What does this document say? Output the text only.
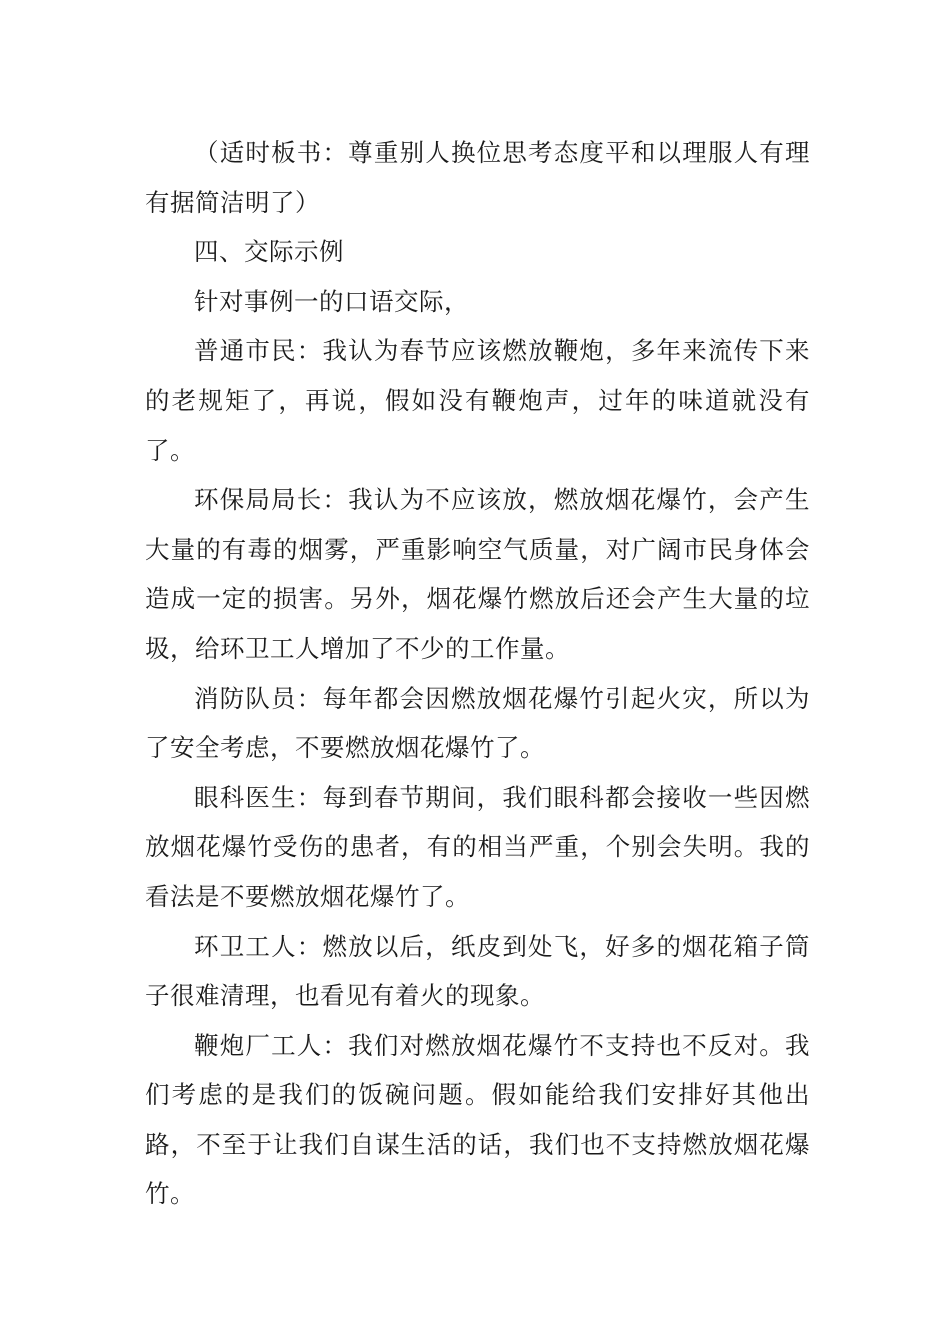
（适时板书：尊重别人换位思考态度平和以理服人有理有据简洁明了）

四、交际示例

针对事例一的口语交际，

普通市民：我认为春节应该燃放鞭炮，多年来流传下来的老规矩了，再说，假如没有鞭炮声，过年的味道就没有了。

环保局局长：我认为不应该放，燃放烟花爆竹，会产生大量的有毒的烟雾，严重影响空气质量，对广阔市民身体会造成一定的损害。另外，烟花爆竹燃放后还会产生大量的垃圾，给环卫工人增加了不少的工作量。

消防队员：每年都会因燃放烟花爆竹引起火灾，所以为了安全考虑，不要燃放烟花爆竹了。

眼科医生：每到春节期间，我们眼科都会接收一些因燃放烟花爆竹受伤的患者，有的相当严重，个别会失明。我的看法是不要燃放烟花爆竹了。

环卫工人：燃放以后，纸皮到处飞，好多的烟花箱子筒子很难清理，也看见有着火的现象。

鞭炮厂工人：我们对燃放烟花爆竹不支持也不反对。我们考虑的是我们的饭碗问题。假如能给我们安排好其他出路，不至于让我们自谋生活的话，我们也不支持燃放烟花爆竹。
